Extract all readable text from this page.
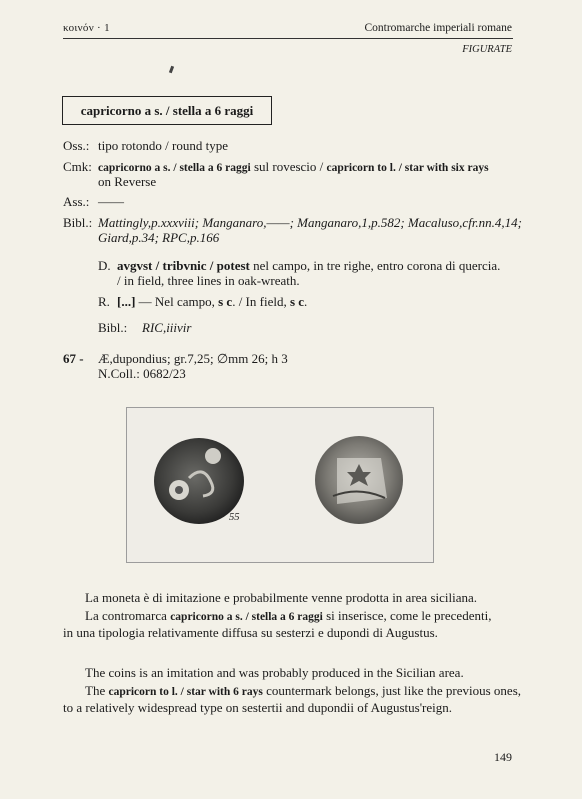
κοινόν · 1	Contromarche imperiali romane
FIGURATE
capricorno a s. / stella a 6 raggi
Oss.: tipo rotondo / round type
Cmk: capricorno a s. / stella a 6 raggi sul rovescio / capricorn to l. / star with six rays
on Reverse
Ass.: ——
Bibl.: Mattingly,p.xxxviii; Manganaro,——; Manganaro,1,p.582; Macaluso,cfr.nn.4,14;
Giard,p.34; RPC,p.166
D. avgvst / tribvnic / potest nel campo, in tre righe, entro corona di quercia.
/ in field, three lines in oak-wreath.
R. [...] — Nel campo, s c. / In field, s c.
Bibl.: RIC,iiivir
67 - Æ,dupondius; gr.7,25; ∅mm 26; h 3
N.Coll.: 0682/23
55
La moneta è di imitazione e probabilmente venne prodotta in area siciliana.
La contromarca capricorno a s. / stella a 6 raggi si inserisce, come le precedenti,
in una tipologia relativamente diffusa su sesterzi e dupondi di Augustus.
The coins is an imitation and was probably produced in the Sicilian area.
The capricorn to l. / star with 6 rays countermark belongs, just like the previous ones,
to a relatively widespread type on sestertii and dupondii of Augustus'reign.
149
